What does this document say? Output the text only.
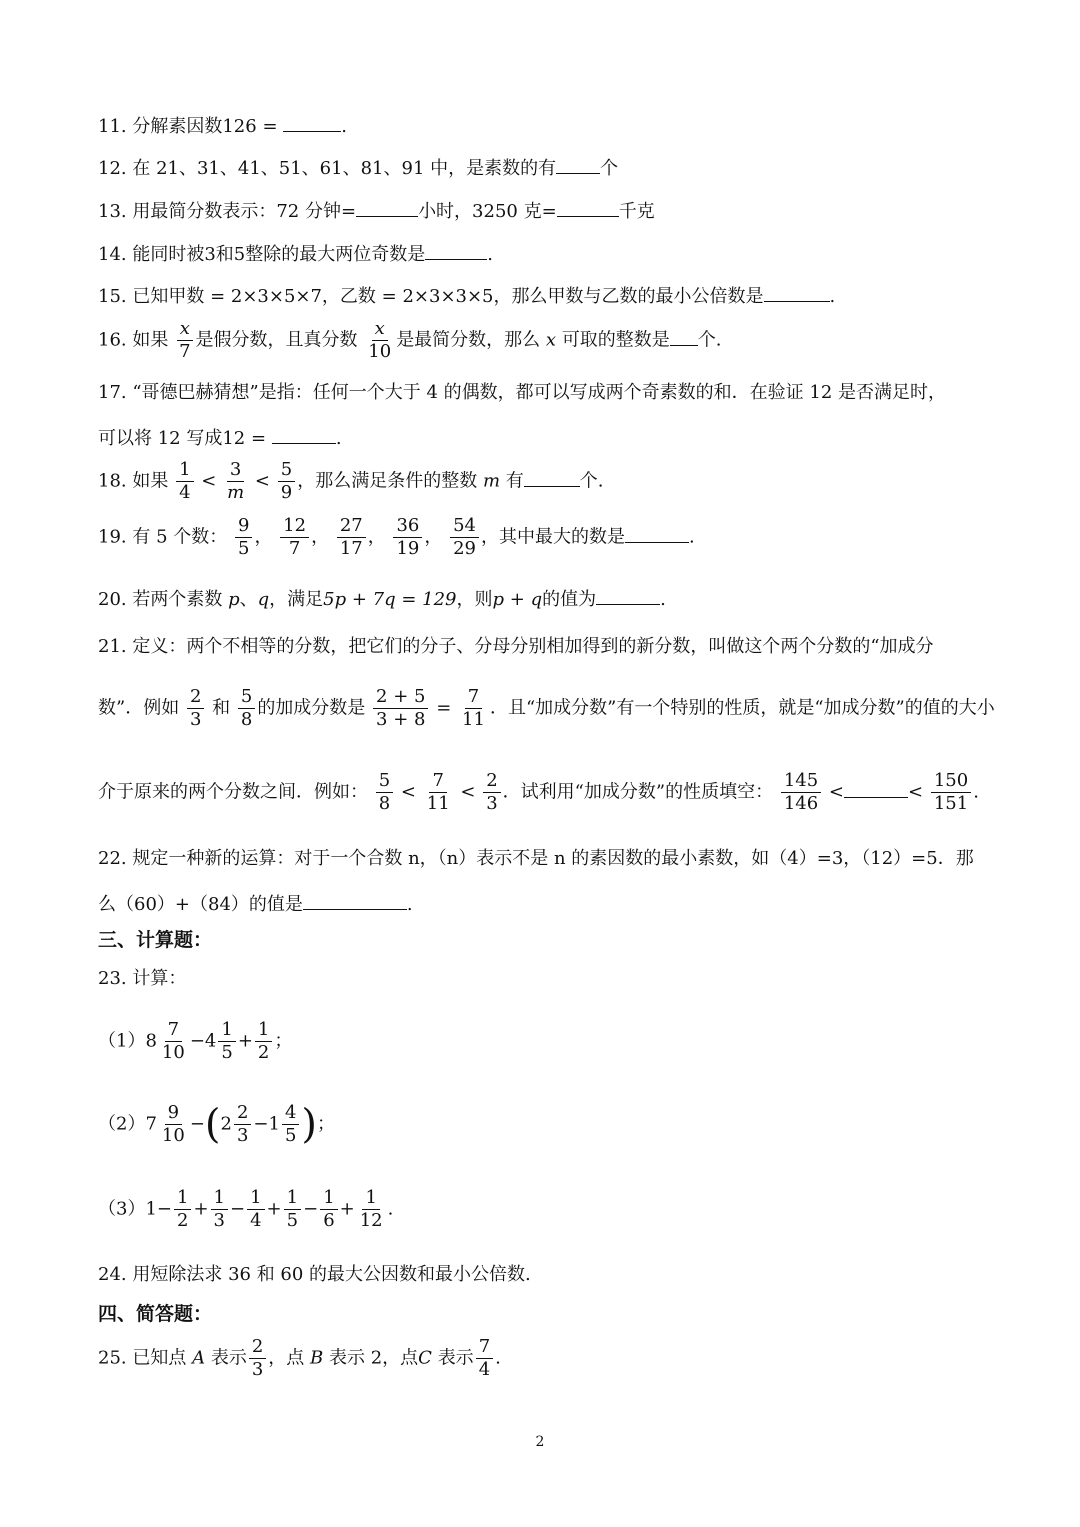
11. 分解素因数126 =	.
12. 在 21、31、41、51、61、81、91 中，是素数的有 个
13. 用最简分数表示：72 分钟=	小时，3250 克=	千克
14. 能同时被3和5整除的最大两位奇数是	.
15. 已知甲数 = 2×3×5×7，乙数 = 2×3×3×5，那么甲数与乙数的最小公倍数是	.
16. 如果 $\frac{x}{7}$ 是假分数，且真分数 $\frac{x}{10}$ 是最简分数，那么 x 可取的整数是 个.
17. “哥德巴赫猜想”是指：任何一个大于 4 的偶数，都可以写成两个奇素数的和．在验证 12 是否满足时，
可以将 12 写成12 =	.
18. 如果 $\frac{1}{4} < \frac{3}{m} < \frac{5}{9}$ ，那么满足条件的整数 m 有	个.
19. 有 5 个数： $\frac{9}{5}$ ， $\frac{12}{7}$ ， $\frac{27}{17}$ ， $\frac{36}{19}$ ， $\frac{54}{29}$ ，其中最大的数是	.
20. 若两个素数 p、q，满足5p + 7q = 129，则p + q的值为	.
21. 定义：两个不相等的分数，把它们的分子、分母分别相加得到的新分数，叫做这个两个分数的“加成分
数”．例如 $\frac{2}{3}$ 和 $\frac{5}{8}$ 的加成分数是 $\frac{2 + 5}{3 + 8} = \frac{7}{11}$ ．且“加成分数”有一个特别的性质，就是“加成分数”的值的大小
介于原来的两个分数之间．例如： $\frac{5}{8} < \frac{7}{11} < \frac{2}{3}$ ．试利用“加成分数”的性质填空： $\frac{145}{146}$ <	< $\frac{150}{151}$ .
22. 规定一种新的运算：对于一个合数 n，（n）表示不是 n 的素因数的最小素数，如（4）=3，（12）=5．那
么（60）+（84）的值是	.
三、计算题：
23. 计算：
$(1)8 \frac{7}{10} -4 \frac{1}{5} + \frac{1}{2}$ ；
$(2)7 \frac{9}{10} -(2 \frac{2}{3} -1 \frac{4}{5}$ )；
$(3)1- \frac{1}{2} + \frac{1}{3} - \frac{1}{4} + \frac{1}{5} - \frac{1}{6} + \frac{1}{12}$ .
24. 用短除法求 36 和 60 的最大公因数和最小公倍数.
四、简答题：
25. 已知点 A 表示 $\frac{2}{3}$ ，点 B 表示 2，点C 表示 $\frac{7}{4}$ .
2
